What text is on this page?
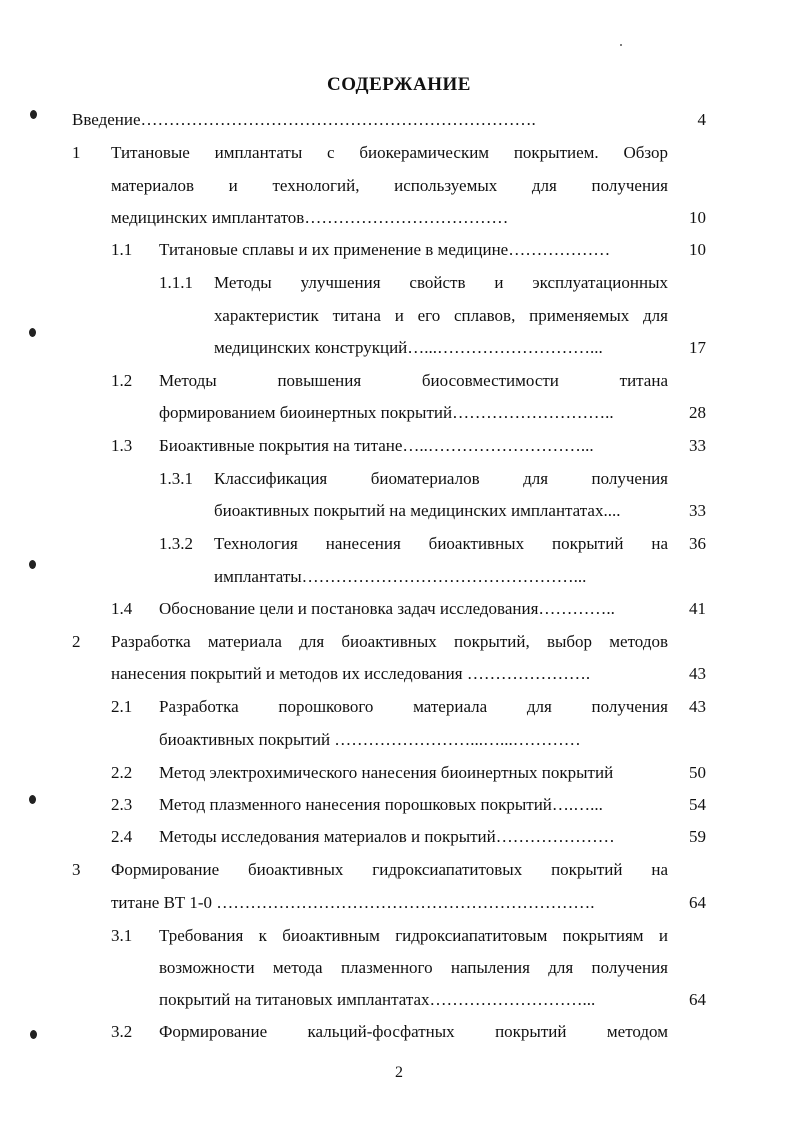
СОДЕРЖАНИЕ
Введение…………………………………………………………….	4
1 Титановые имплантаты с биокерамическим покрытием. Обзор
материалов и технологий, используемых для получения
медицинских имплантатов………………………………	10
1.1 Титановые сплавы и их применение в медицине………………	10
1.1.1 Методы улучшения свойств и эксплуатационных
характеристик титана и его сплавов, применяемых для
медицинских конструкций…...………………………...	17
1.2 Методы повышения биосовместимости титана
формированием биоинертных покрытий………………………..	28
1.3 Биоактивные покрытия на титане…..………………………...	33
1.3.1 Классификация биоматериалов для получения
биоактивных покрытий на медицинских имплантатах....	33
1.3.2 Технология нанесения биоактивных покрытий на	36
имплантаты…………………………………………...
1.4 Обоснование цели и постановка задач исследования…………..	41
2 Разработка материала для биоактивных покрытий, выбор методов
нанесения покрытий и методов их исследования ………………….	43
2.1 Разработка порошкового материала для получения	43
биоактивных покрытий ……………………...…...…………
2.2 Метод электрохимического нанесения биоинертных покрытий	50
2.3 Метод плазменного нанесения порошковых покрытий….…...	54
2.4 Методы исследования материалов и покрытий…………………	59
3 Формирование биоактивных гидроксиапатитовых покрытий на
титане ВТ 1-0 ………………………………………………………….	64
3.1 Требования к биоактивным гидроксиапатитовым покрытиям и
возможности метода плазменного напыления для получения
покрытий на титановых имплантатах………………………...	64
3.2 Формирование кальций-фосфатных покрытий методом
2
